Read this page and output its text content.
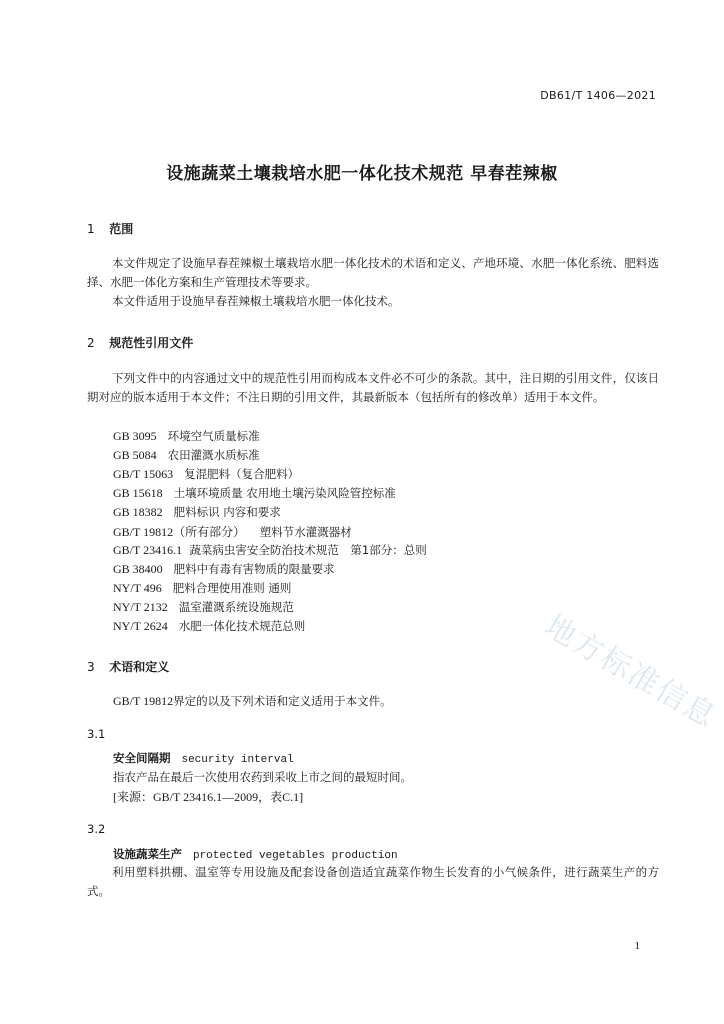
DB61/T 1406—2021
设施蔬菜土壤栽培水肥一体化技术规范 早春茬辣椒
1 范围
本文件规定了设施早春茬辣椒土壤栽培水肥一体化技术的术语和定义、产地环境、水肥一体化系统、肥料选择、水肥一体化方案和生产管理技术等要求。
本文件适用于设施早春茬辣椒土壤栽培水肥一体化技术。
2 规范性引用文件
下列文件中的内容通过文中的规范性引用而构成本文件必不可少的条款。其中，注日期的引用文件，仅该日期对应的版本适用于本文件；不注日期的引用文件，其最新版本（包括所有的修改单）适用于本文件。
GB 3095 环境空气质量标准
GB 5084 农田灌溉水质标准
GB/T 15063 复混肥料（复合肥料）
GB 15618 土壤环境质量 农用地土壤污染风险管控标准
GB 18382 肥料标识 内容和要求
GB/T 19812（所有部分） 塑料节水灌溉器材
GB/T 23416.1 蔬菜病虫害安全防治技术规范　第1部分：总则
GB 38400 肥料中有毒有害物质的限量要求
NY/T 496 肥料合理使用准则 通则
NY/T 2132 温室灌溉系统设施规范
NY/T 2624 水肥一体化技术规范总则
3 术语和定义
GB/T 19812界定的以及下列术语和定义适用于本文件。
3.1
安全间隔期 security interval
指农产品在最后一次使用农药到采收上市之间的最短时间。
[来源：GB/T 23416.1—2009，表C.1]
3.2
设施蔬菜生产 protected vegetables production
利用塑料拱棚、温室等专用设施及配套设备创造适宜蔬菜作物生长发育的小气候条件，进行蔬菜生产的方式。
1
地方标准信息
